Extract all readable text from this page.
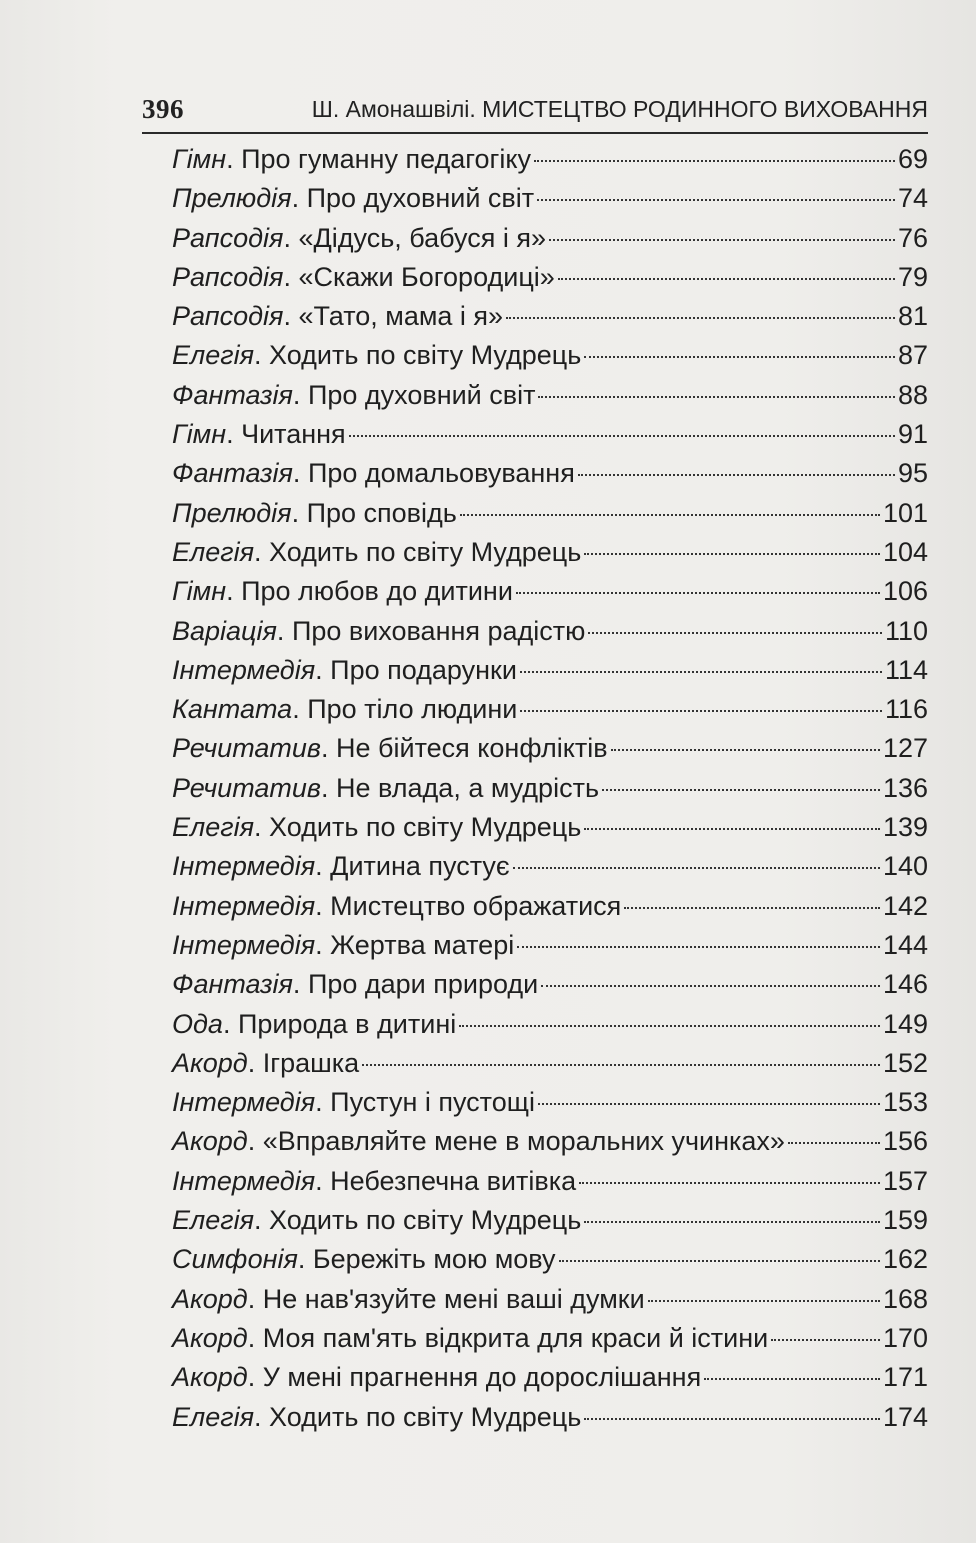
396	Ш. Амонашвілі. МИСТЕЦТВО РОДИННОГО ВИХОВАННЯ
Гімн . Про гуманну педагогіку	69
Прелюдія . Про духовний світ	74
Рапсодія . «Дідусь, бабуся і я»	76
Рапсодія . «Скажи Богородиці»	79
Рапсодія . «Тато, мама і я»	81
Елегія . Ходить по світу Мудрець	87
Фантазія . Про духовний світ	88
Гімн . Читання	91
Фантазія . Про домальовування	95
Прелюдія . Про сповідь	101
Елегія . Ходить по світу Мудрець	104
Гімн . Про любов до дитини	106
Варіація . Про виховання радістю	110
Інтермедія . Про подарунки	114
Кантата . Про тіло людини	116
Речитатив . Не бійтеся конфліктів	127
Речитатив . Не влада, а мудрість	136
Елегія . Ходить по світу Мудрець	139
Інтермедія . Дитина пустує	140
Інтермедія . Мистецтво ображатися	142
Інтермедія . Жертва матері	144
Фантазія . Про дари природи	146
Ода . Природа в дитині	149
Акорд . Іграшка	152
Інтермедія . Пустун і пустощі	153
Акорд . «Вправляйте мене в моральних учинках»	156
Інтермедія . Небезпечна витівка	157
Елегія . Ходить по світу Мудрець	159
Симфонія . Бережіть мою мову	162
Акорд . Не нав'язуйте мені ваші думки	168
Акорд . Моя пам'ять відкрита для краси й істини	170
Акорд . У мені прагнення до дорослішання	171
Елегія . Ходить по світу Мудрець	174
